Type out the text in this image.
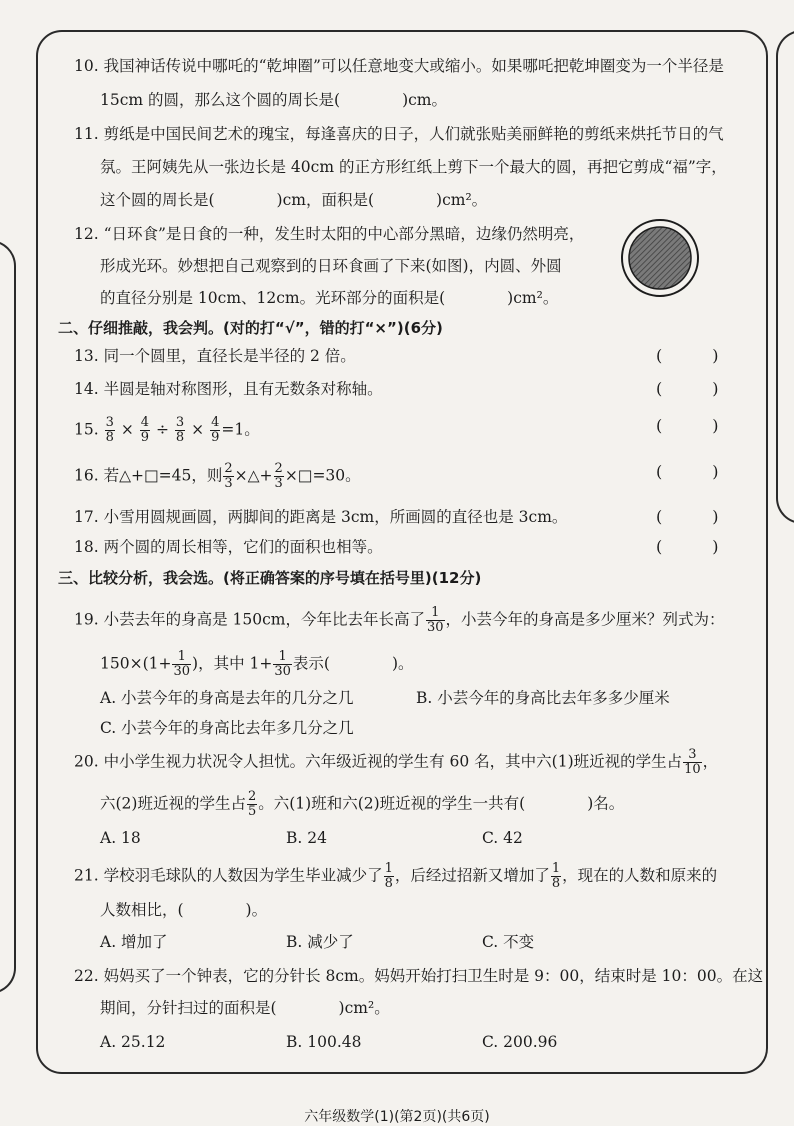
10. 我国神话传说中哪吒的“乾坤圈”可以任意地变大或缩小。如果哪吒把乾坤圈变为一个半径是
15cm 的圆，那么这个圆的周长是(　　　　)cm。
11. 剪纸是中国民间艺术的瑰宝，每逢喜庆的日子，人们就张贴美丽鲜艳的剪纸来烘托节日的气
氛。王阿姨先从一张边长是 40cm 的正方形红纸上剪下一个最大的圆，再把它剪成“福”字，
这个圆的周长是(　　　　)cm，面积是(　　　　)cm²。
12. “日环食”是日食的一种，发生时太阳的中心部分黑暗，边缘仍然明亮，
形成光环。妙想把自己观察到的日环食画了下来(如图)，内圆、外圆
的直径分别是 10cm、12cm。光环部分的面积是(　　　　)cm²。
二、仔细推敲，我会判。(对的打“√”，错的打“×”)(6分)
13. 同一个圆里，直径长是半径的 2 倍。	(	)
14. 半圆是轴对称图形，且有无数条对称轴。	(	)
15. $\frac{3}{8} \times \frac{4}{9} \div \frac{3}{8} \times \frac{4}{9} =1$。	(	)
16. 若△+□=45，则 $\frac{2}{3}$ ×△+ $\frac{2}{3}$ ×□=30。	(	)
17. 小雪用圆规画圆，两脚间的距离是 3cm，所画圆的直径也是 3cm。	(	)
18. 两个圆的周长相等，它们的面积也相等。	(	)
三、比较分析，我会选。(将正确答案的序号填在括号里)(12分)
19. 小芸去年的身高是 150cm，今年比去年长高了 $\frac{1}{30}$ ，小芸今年的身高是多少厘米？列式为：
$150\times(1+ \frac{1}{30}$ )，其中 $1+ \frac{1}{30}$ 表示(　　　　)。
A. 小芸今年的身高是去年的几分之几	B. 小芸今年的身高比去年多多少厘米
C. 小芸今年的身高比去年多几分之几
20. 中小学生视力状况令人担忧。六年级近视的学生有 60 名，其中六(1)班近视的学生占 $\frac{3}{10}$ ，
六(2)班近视的学生占 $\frac{2}{5}$ 。六(1)班和六(2)班近视的学生一共有(　　　　)名。
A. 18	B. 24	C. 42
21. 学校羽毛球队的人数因为学生毕业减少了 $\frac{1}{8}$ ，后经过招新又增加了 $\frac{1}{8}$ ，现在的人数和原来的
人数相比，(　　　　)。
A. 增加了	B. 减少了	C. 不变
22. 妈妈买了一个钟表，它的分针长 8cm。妈妈开始打扫卫生时是 9：00，结束时是 10：00。在这
期间，分针扫过的面积是(　　　　)cm²。
A. 25.12	B. 100.48	C. 200.96
六年级数学(1)(第2页)(共6页)
